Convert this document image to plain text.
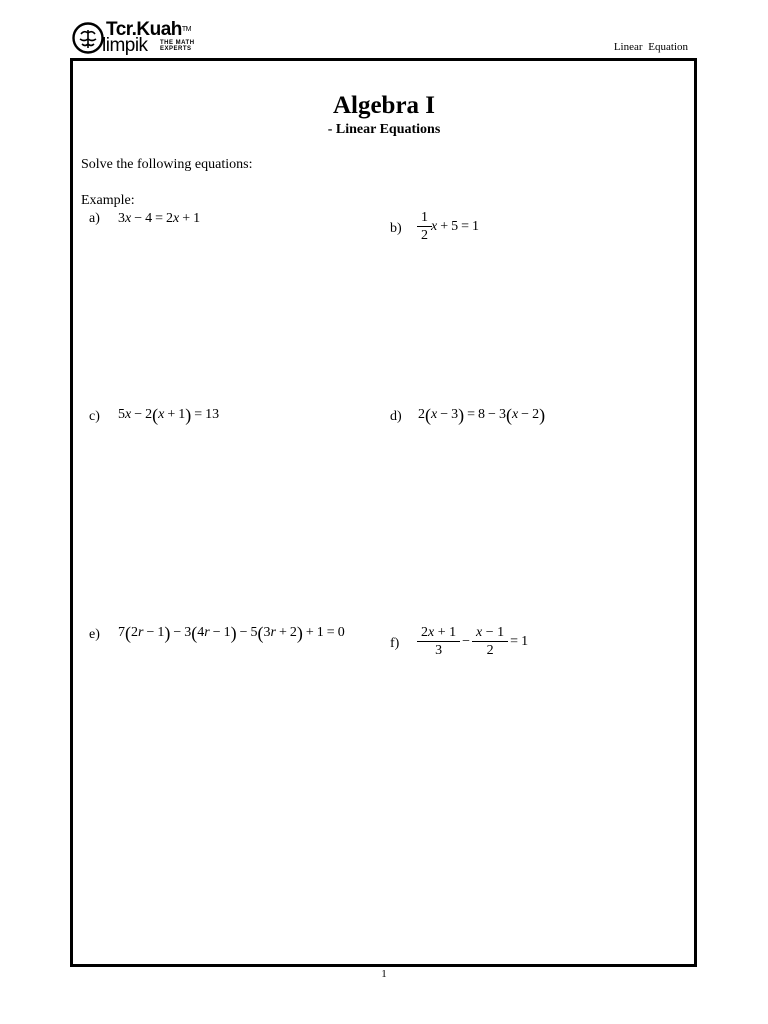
Tcr.Kuah™
limpik THE MATH
EXPERTS	Linear Equation
Algebra I
- Linear Equations
Solve the following equations:
Example:
a) 3 x − 4 = 2 x + 1
$b) \frac{1}{2}$ x + 5 = 1
c) 5 x − 2 ( x + 1 ) = 13	d) 2 ( x − 3 ) = 8 − 3 ( x − 2 )
e) 7 ( 2 r − 1 ) − 3 ( 4 r − 1 ) − 5 ( 3 r + 2 ) + 1 = 0
$f) \frac{2x + 1}{3} - \frac{x - 1}{2} = 1$
1
